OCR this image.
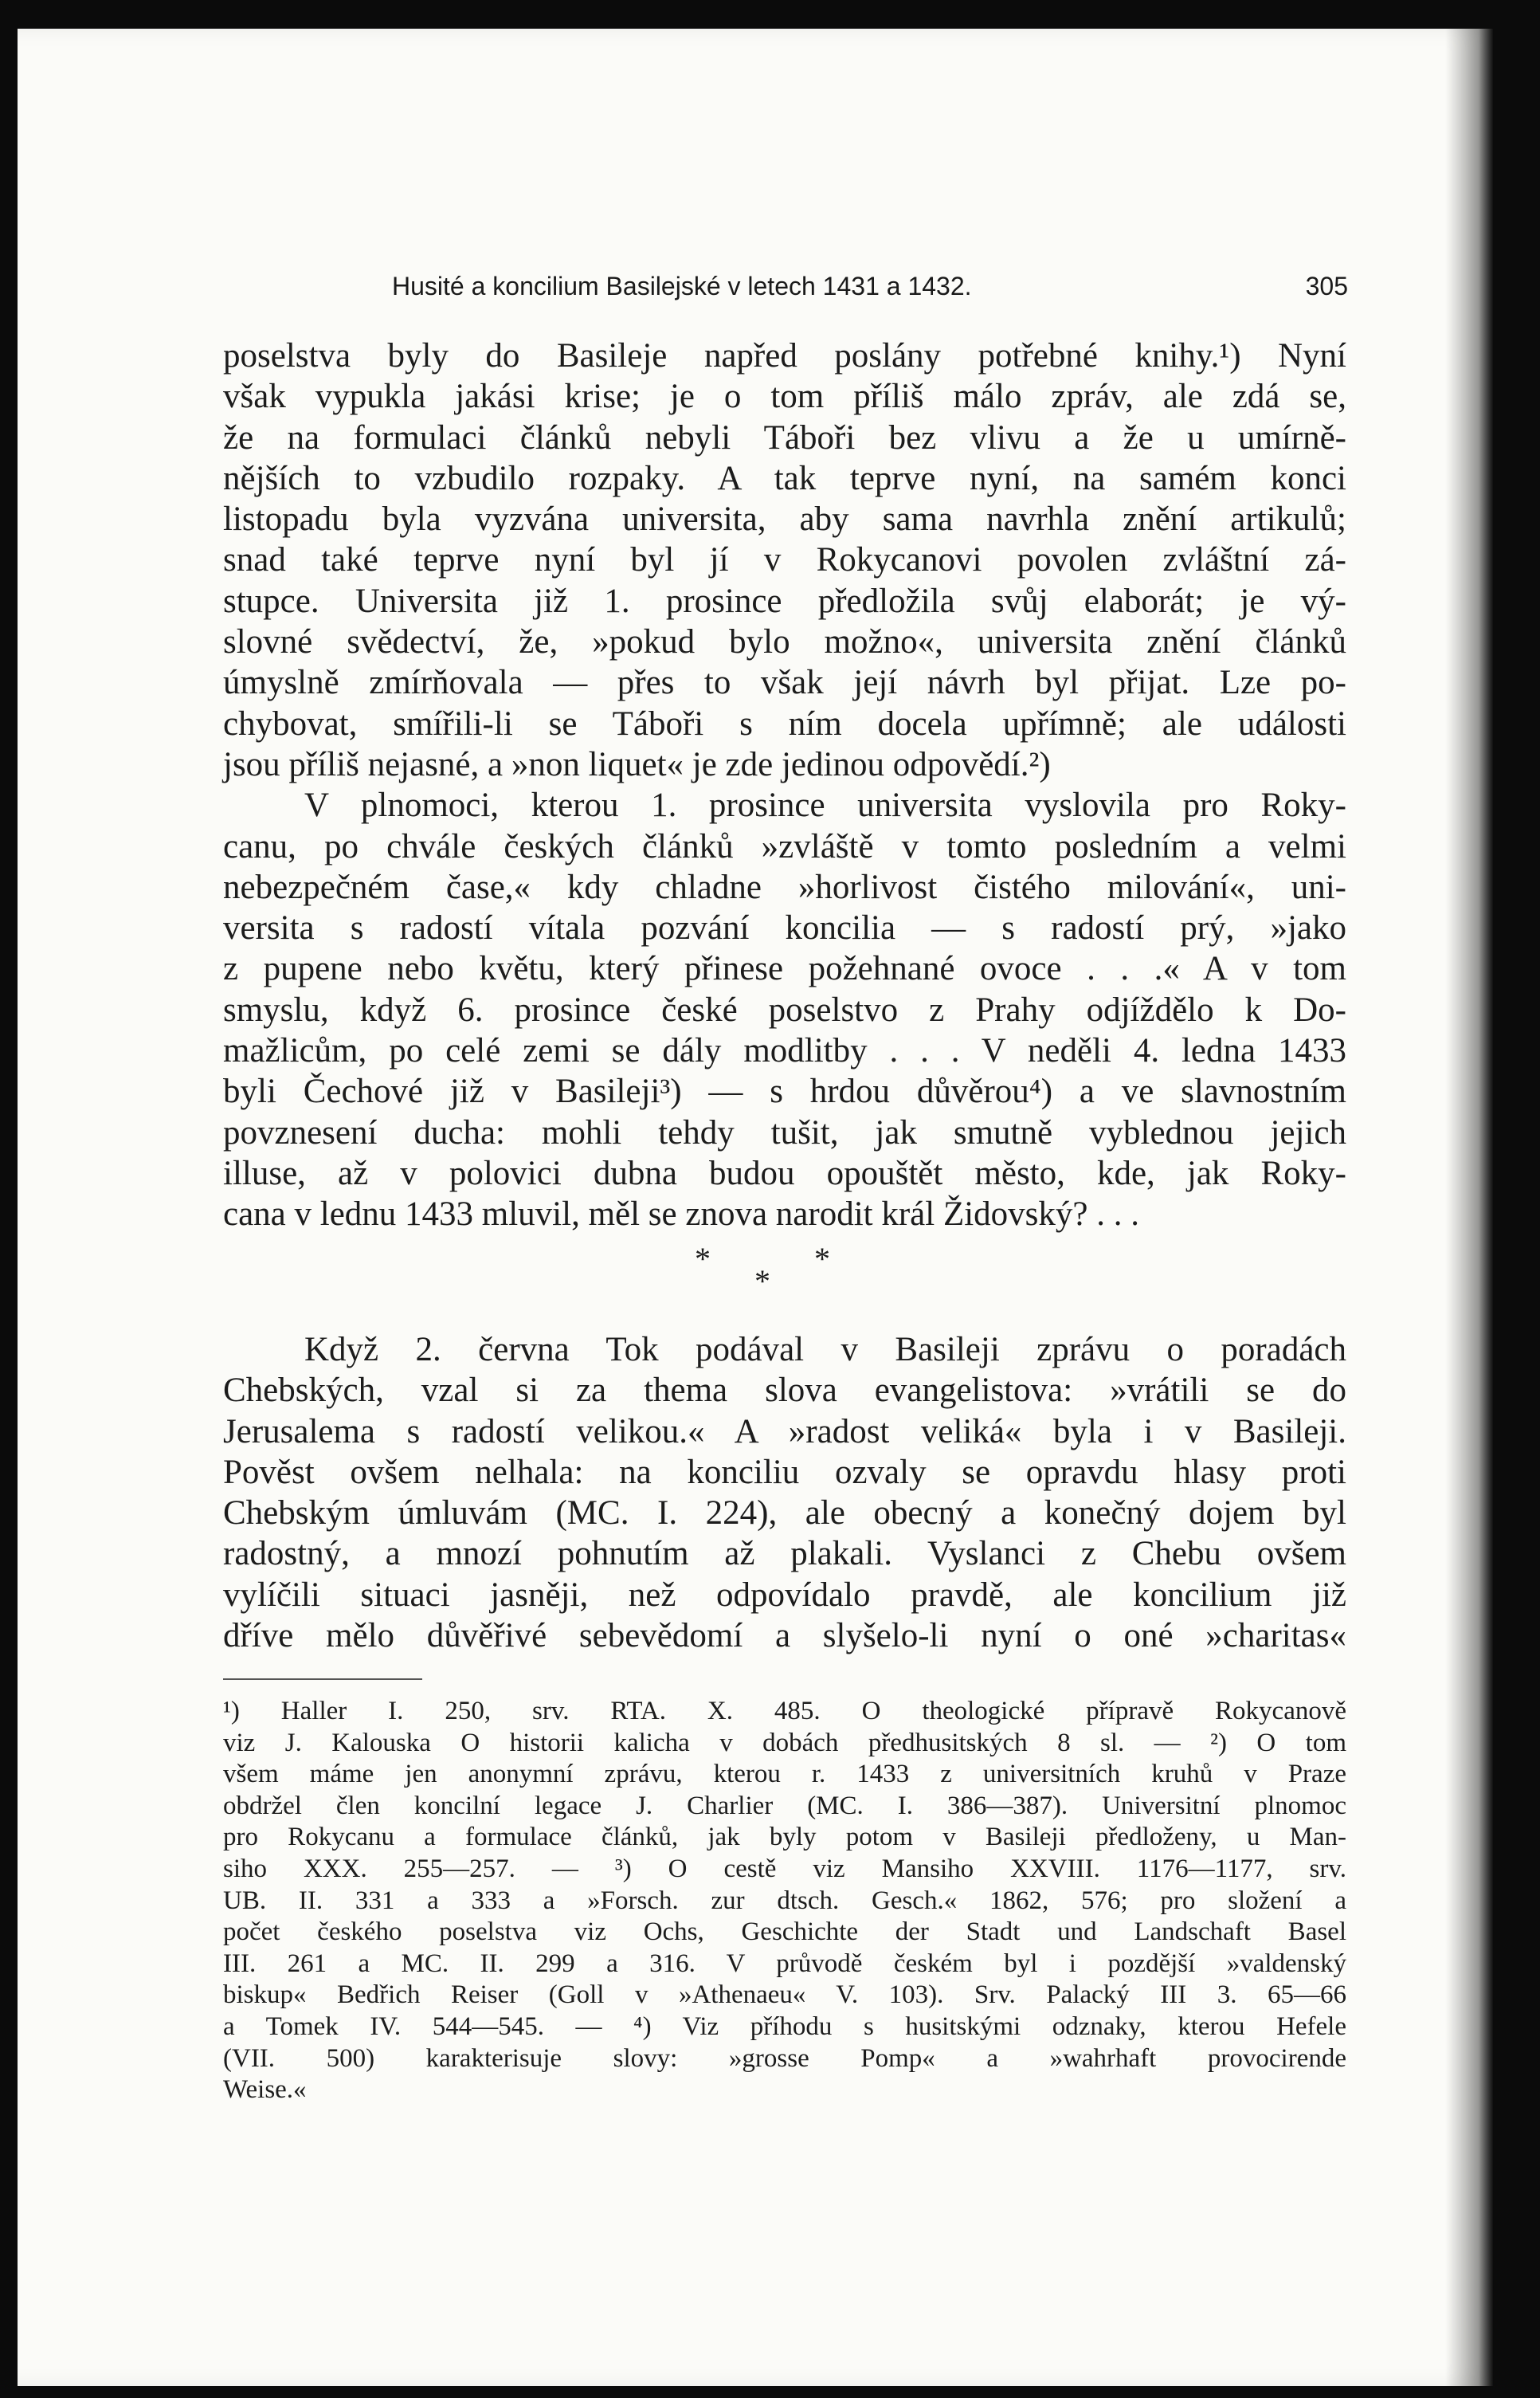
Husité a koncilium Basilejské v letech 1431 a 1432.	305
poselstva byly do Basileje napřed poslány potřebné knihy.¹) Nyní
však vypukla jakási krise; je o tom příliš málo zpráv, ale zdá se,
že na formulaci článků nebyli Táboři bez vlivu a že u umírně-
nějších to vzbudilo rozpaky. A tak teprve nyní, na samém konci
listopadu byla vyzvána universita, aby sama navrhla znění artikulů;
snad také teprve nyní byl jí v Rokycanovi povolen zvláštní zá-
stupce. Universita již 1. prosince předložila svůj elaborát; je vý-
slovné svědectví, že, »pokud bylo možno«, universita znění článků
úmyslně zmírňovala — přes to však její návrh byl přijat. Lze po-
chybovat, smířili-li se Táboři s ním docela upřímně; ale události
jsou příliš nejasné, a »non liquet« je zde jedinou odpovědí.²)
V plnomoci, kterou 1. prosince universita vyslovila pro Roky-
canu, po chvále českých článků »zvláště v tomto posledním a velmi
nebezpečném čase,« kdy chladne »horlivost čistého milování«, uni-
versita s radostí vítala pozvání koncilia — s radostí prý, »jako
z pupene nebo květu, který přinese požehnané ovoce . . .« A v tom
smyslu, když 6. prosince české poselstvo z Prahy odjíždělo k Do-
mažlicům, po celé zemi se dály modlitby . . . V neděli 4. ledna 1433
byli Čechové již v Basileji³) — s hrdou důvěrou⁴) a ve slavnostním
povznesení ducha: mohli tehdy tušit, jak smutně vyblednou jejich
illuse, až v polovici dubna budou opouštět město, kde, jak Roky-
cana v lednu 1433 mluvil, měl se znova narodit král Židovský? . . .
*	*
*
Když 2. června Tok podával v Basileji zprávu o poradách
Chebských, vzal si za thema slova evangelistova: »vrátili se do
Jerusalema s radostí velikou.« A »radost veliká« byla i v Basileji.
Pověst ovšem nelhala: na konciliu ozvaly se opravdu hlasy proti
Chebským úmluvám (MC. I. 224), ale obecný a konečný dojem byl
radostný, a mnozí pohnutím až plakali. Vyslanci z Chebu ovšem
vylíčili situaci jasněji, než odpovídalo pravdě, ale koncilium již
dříve mělo důvěřivé sebevědomí a slyšelo-li nyní o oné »charitas«
¹) Haller I. 250, srv. RTA. X. 485. O theologické přípravě Rokycanově
viz J. Kalouska O historii kalicha v dobách předhusitských 8 sl. — ²) O tom
všem máme jen anonymní zprávu, kterou r. 1433 z universitních kruhů v Praze
obdržel člen koncilní legace J. Charlier (MC. I. 386—387). Universitní plnomoc
pro Rokycanu a formulace článků, jak byly potom v Basileji předloženy, u Man-
siho XXX. 255—257. — ³) O cestě viz Mansiho XXVIII. 1176—1177, srv.
UB. II. 331 a 333 a »Forsch. zur dtsch. Gesch.« 1862, 576; pro složení a
počet českého poselstva viz Ochs, Geschichte der Stadt und Landschaft Basel
III. 261 a MC. II. 299 a 316. V průvodě českém byl i pozdější »valdenský
biskup« Bedřich Reiser (Goll v »Athenaeu« V. 103). Srv. Palacký III 3. 65—66
a Tomek IV. 544—545. — ⁴) Viz příhodu s husitskými odznaky, kterou Hefele
(VII. 500) karakterisuje slovy: »grosse Pomp« a »wahrhaft provocirende
Weise.«
